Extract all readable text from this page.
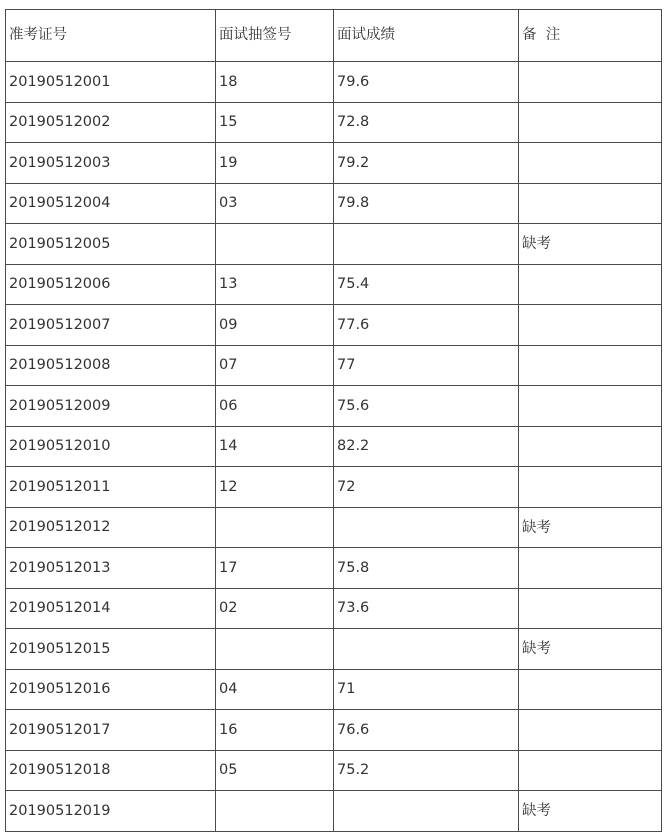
准考证号	面试抽签号	面试成绩	备  注
20190512001	18	79.6	
20190512002	15	72.8	
20190512003	19	79.2	
20190512004	03	79.8	
20190512005			缺考
20190512006	13	75.4	
20190512007	09	77.6	
20190512008	07	77	
20190512009	06	75.6	
20190512010	14	82.2	
20190512011	12	72	
20190512012			缺考
20190512013	17	75.8	
20190512014	02	73.6	
20190512015			缺考
20190512016	04	71	
20190512017	16	76.6	
20190512018	05	75.2	
20190512019			缺考
